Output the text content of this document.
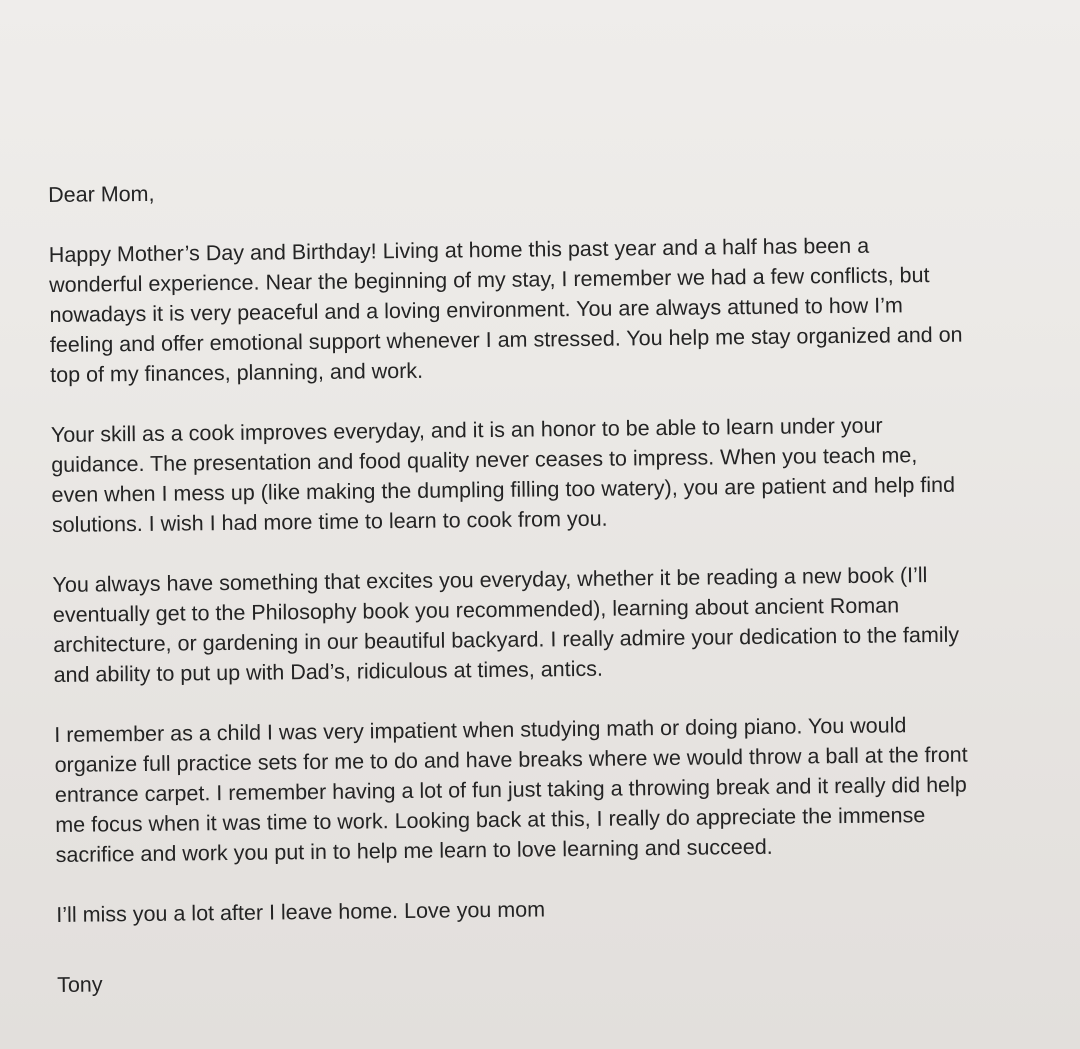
Dear Mom,

Happy Mother’s Day and Birthday! Living at home this past year and a half has been a
wonderful experience. Near the beginning of my stay, I remember we had a few conflicts, but
nowadays it is very peaceful and a loving environment. You are always attuned to how I’m
feeling and offer emotional support whenever I am stressed. You help me stay organized and on
top of my finances, planning, and work.

Your skill as a cook improves everyday, and it is an honor to be able to learn under your
guidance. The presentation and food quality never ceases to impress. When you teach me,
even when I mess up (like making the dumpling filling too watery), you are patient and help find
solutions. I wish I had more time to learn to cook from you.

You always have something that excites you everyday, whether it be reading a new book (I’ll
eventually get to the Philosophy book you recommended), learning about ancient Roman
architecture, or gardening in our beautiful backyard. I really admire your dedication to the family
and ability to put up with Dad’s, ridiculous at times, antics.

I remember as a child I was very impatient when studying math or doing piano. You would
organize full practice sets for me to do and have breaks where we would throw a ball at the front
entrance carpet. I remember having a lot of fun just taking a throwing break and it really did help
me focus when it was time to work. Looking back at this, I really do appreciate the immense
sacrifice and work you put in to help me learn to love learning and succeed.

I’ll miss you a lot after I leave home. Love you mom

Tony
